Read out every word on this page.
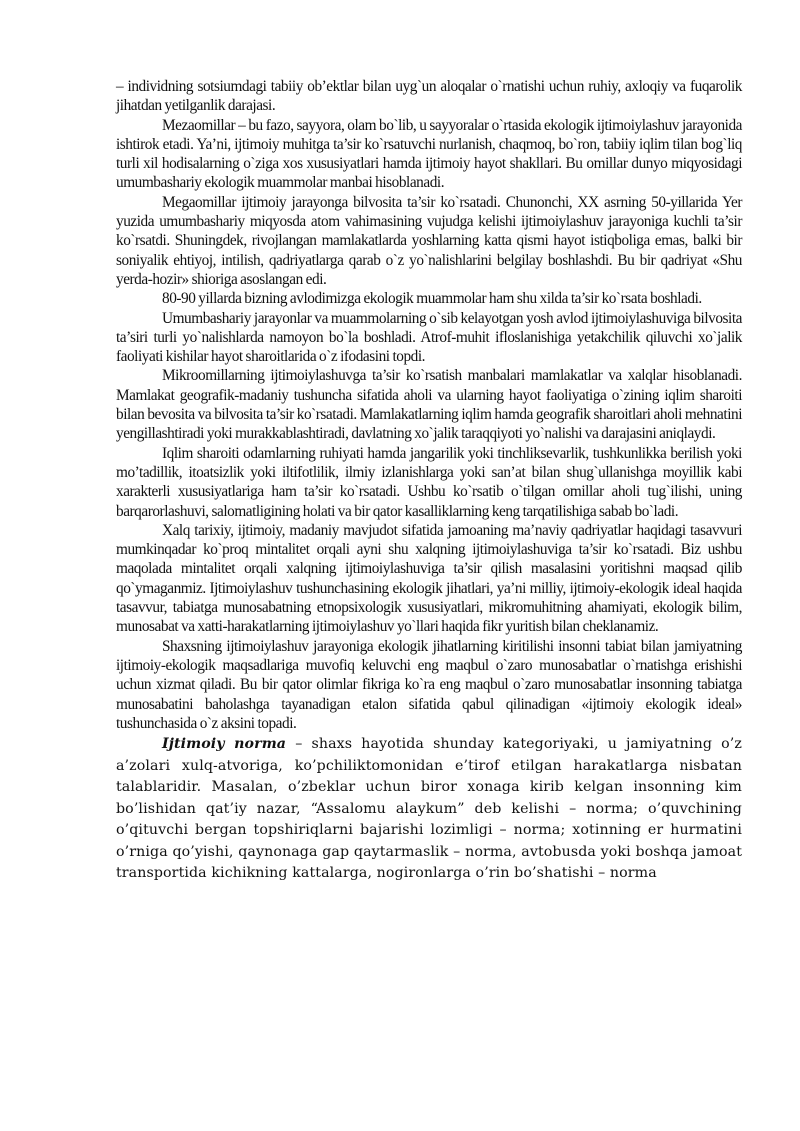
– individning sotsiumdagi tabiiy ob’ektlar bilan uyg`un aloqalar o`rnatishi uchun ruhiy, axloqiy va fuqarolik jihatdan yetilganlik darajasi.

Mezaomillar – bu fazo, sayyora, olam bo`lib, u sayyoralar o`rtasida ekologik ijtimoiylashuv jarayonida ishtirok etadi. Ya’ni, ijtimoiy muhitga ta’sir ko`rsatuvchi nurlanish, chaqmoq, bo`ron, tabiiy iqlim tilan bog`liq turli xil hodisalarning o`ziga xos xususiyatlari hamda ijtimoiy hayot shakllari. Bu omillar dunyo miqyosidagi umumbashariy ekologik muammolar manbai hisoblanadi.

Megaomillar ijtimoiy jarayonga bilvosita ta’sir ko`rsatadi. Chunonchi, XX asrning 50-yillarida Yer yuzida umumbashariy miqyosda atom vahimasining vujudga kelishi ijtimoiylashuv jarayoniga kuchli ta’sir ko`rsatdi. Shuningdek, rivojlangan mamlakatlarda yoshlarning katta qismi hayot istiqboliga emas, balki bir soniyalik ehtiyoj, intilish, qadriyatlarga qarab o`z yo`nalishlarini belgilay boshlashdi. Bu bir qadriyat «Shu yerda-hozir» shioriga asoslangan edi.

80-90 yillarda bizning avlodimizga ekologik muammolar ham shu xilda ta’sir ko`rsata boshladi.

Umumbashariy jarayonlar va muammolarning o`sib kelayotgan yosh avlod ijtimoiylashuviga bilvosita ta’siri turli yo`nalishlarda namoyon bo`la boshladi. Atrof-muhit ifloslanishiga yetakchilik qiluvchi xo`jalik faoliyati kishilar hayot sharoitlarida o`z ifodasini topdi.

Mikroomillarning ijtimoiylashuvga ta’sir ko`rsatish manbalari mamlakatlar va xalqlar hisoblanadi. Mamlakat geografik-madaniy tushuncha sifatida aholi va ularning hayot faoliyatiga o`zining iqlim sharoiti bilan bevosita va bilvosita ta’sir ko`rsatadi. Mamlakatlarning iqlim hamda geografik sharoitlari aholi mehnatini yengillashtiradi yoki murakkablashtiradi, davlatning xo`jalik taraqqiyoti yo`nalishi va darajasini aniqlaydi.

Iqlim sharoiti odamlarning ruhiyati hamda jangarilik yoki tinchliksevarlik, tushkunlikka berilish yoki mo’tadillik, itoatsizlik yoki iltifotlilik, ilmiy izlanishlarga yoki san’at bilan shug`ullanishga moyillik kabi xarakterli xususiyatlariga ham ta’sir ko`rsatadi. Ushbu ko`rsatib o`tilgan omillar aholi tug`ilishi, uning barqarorlashuvi, salomatligining holati va bir qator kasalliklarning keng tarqatilishiga sabab bo`ladi.

Xalq tarixiy, ijtimoiy, madaniy mavjudot sifatida jamoaning ma’naviy qadriyatlar haqidagi tasavvuri mumkinqadar ko`proq mintalitet orqali ayni shu xalqning ijtimoiylashuviga ta’sir ko`rsatadi. Biz ushbu maqolada mintalitet orqali xalqning ijtimoiylashuviga ta’sir qilish masalasini yoritishni maqsad qilib qo`ymaganmiz. Ijtimoiylashuv tushunchasining ekologik jihatlari, ya’ni milliy, ijtimoiy-ekologik ideal haqida tasavvur, tabiatga munosabatning etnopsixologik xususiyatlari, mikromuhitning ahamiyati, ekologik bilim, munosabat va xatti-harakatlarning ijtimoiylashuv yo`llari haqida fikr yuritish bilan cheklanamiz.

Shaxsning ijtimoiylashuv jarayoniga ekologik jihatlarning kiritilishi insonni tabiat bilan jamiyatning ijtimoiy-ekologik maqsadlariga muvofiq keluvchi eng maqbul o`zaro munosabatlar o`rnatishga erishishi uchun xizmat qiladi. Bu bir qator olimlar fikriga ko`ra eng maqbul o`zaro munosabatlar insonning tabiatga munosabatini baholashga tayanadigan etalon sifatida qabul qilinadigan «ijtimoiy ekologik ideal» tushunchasida o`z aksini topadi.

Ijtimoiy norma – shaxs hayotida shunday kategoriyaki, u jamiyatning o’z a’zolari xulq-atvoriga, ko’pchiliktomonidan e’tirof etilgan harakatlarga nisbatan talablaridir. Masalan, o’zbeklar uchun biror xonaga kirib kelgan insonning kim bo’lishidan qat’iy nazar, “Assalomu alaykum” deb kelishi – norma; o’quvchining o’qituvchi bergan topshiriqlarni bajarishi lozimligi – norma; xotinning er hurmatini o’rniga qo’yishi, qaynonaga gap qaytarmaslik – norma, avtobusda yoki boshqa jamoat transportida kichikning kattalarga, nogironlarga o’rin bo’shatishi – norma
